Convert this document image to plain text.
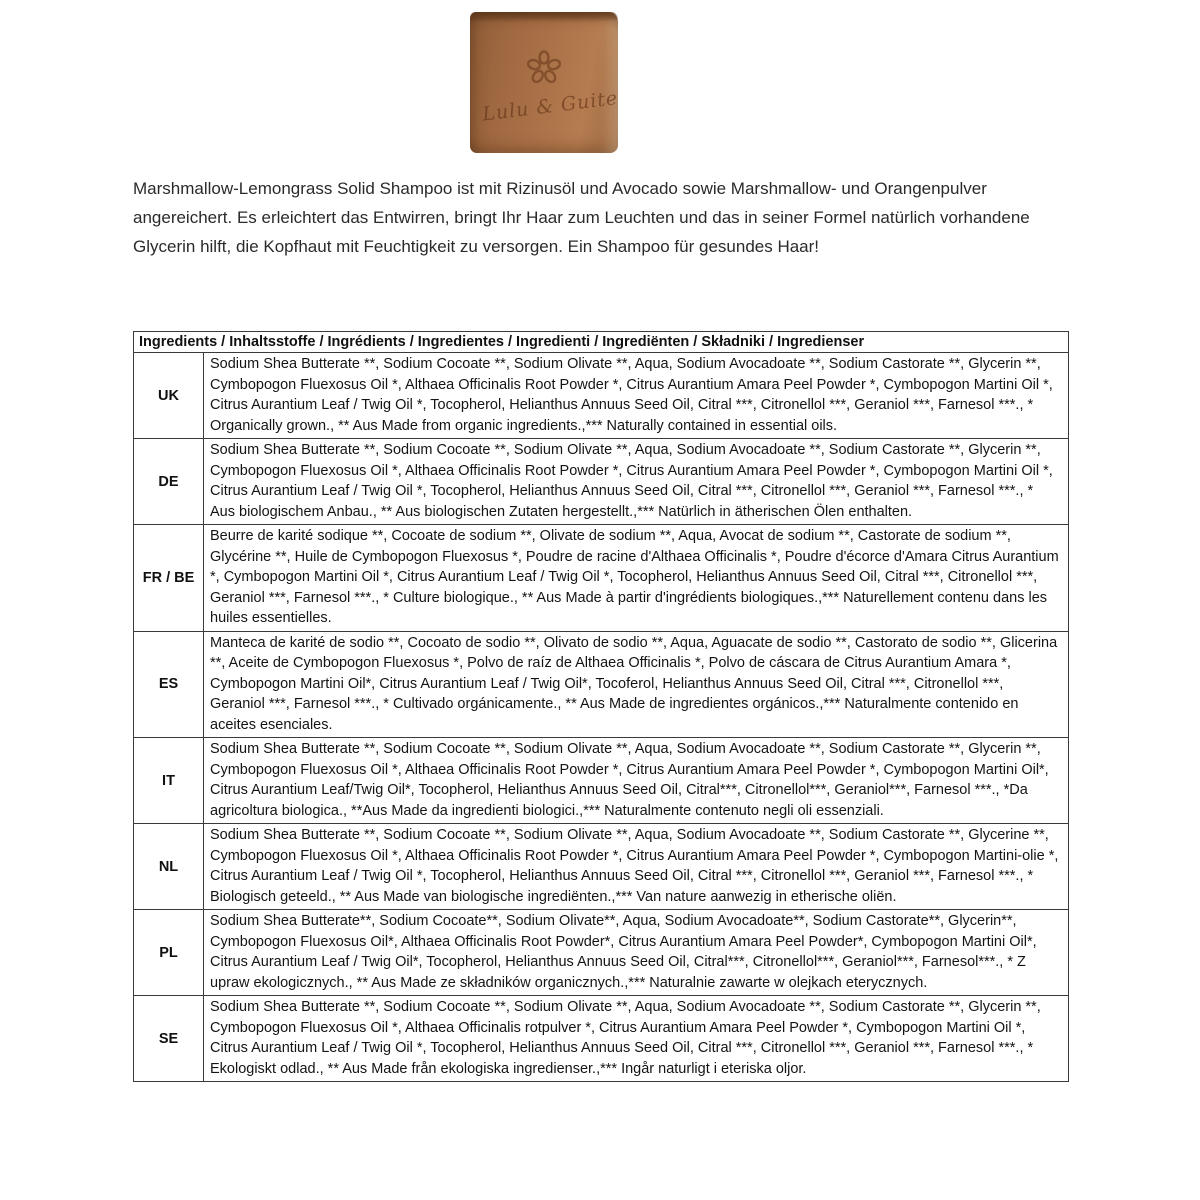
Lulu & Guite

Marshmallow-Lemongrass Solid Shampoo ist mit Rizinusöl und Avocado sowie Marshmallow- und Orangenpulver angereichert. Es erleichtert das Entwirren, bringt Ihr Haar zum Leuchten und das in seiner Formel natürlich vorhandene Glycerin hilft, die Kopfhaut mit Feuchtigkeit zu versorgen. Ein Shampoo für gesundes Haar!

Ingredients / Inhaltsstoffe / Ingrédients / Ingredientes / Ingredienti / Ingrediënten / Składniki / Ingredienser	
UK	Sodium Shea Butterate **, Sodium Cocoate **, Sodium Olivate **, Aqua, Sodium Avocadoate **, Sodium Castorate **, Glycerin **, Cymbopogon Fluexosus Oil *, Althaea Officinalis Root Powder *, Citrus Aurantium Amara Peel Powder *, Cymbopogon Martini Oil *, Citrus Aurantium Leaf / Twig Oil *, Tocopherol, Helianthus Annuus Seed Oil, Citral ***, Citronellol ***, Geraniol ***, Farnesol ***., * Organically grown., ** Aus Made from organic ingredients.,*** Naturally contained in essential oils.
DE	Sodium Shea Butterate **, Sodium Cocoate **, Sodium Olivate **, Aqua, Sodium Avocadoate **, Sodium Castorate **, Glycerin **, Cymbopogon Fluexosus Oil *, Althaea Officinalis Root Powder *, Citrus Aurantium Amara Peel Powder *, Cymbopogon Martini Oil *, Citrus Aurantium Leaf / Twig Oil *, Tocopherol, Helianthus Annuus Seed Oil, Citral ***, Citronellol ***, Geraniol ***, Farnesol ***., * Aus biologischem Anbau., ** Aus biologischen Zutaten hergestellt.,*** Natürlich in ätherischen Ölen enthalten.
FR / BE	Beurre de karité sodique **, Cocoate de sodium **, Olivate de sodium **, Aqua, Avocat de sodium **, Castorate de sodium **, Glycérine **, Huile de Cymbopogon Fluexosus *, Poudre de racine d'Althaea Officinalis *, Poudre d'écorce d'Amara Citrus Aurantium *, Cymbopogon Martini Oil *, Citrus Aurantium Leaf / Twig Oil *, Tocopherol, Helianthus Annuus Seed Oil, Citral ***, Citronellol ***, Geraniol ***, Farnesol ***., * Culture biologique., ** Aus Made à partir d'ingrédients biologiques.,*** Naturellement contenu dans les huiles essentielles.
ES	Manteca de karité de sodio **, Cocoato de sodio **, Olivato de sodio **, Aqua, Aguacate de sodio **, Castorato de sodio **, Glicerina **, Aceite de Cymbopogon Fluexosus *, Polvo de raíz de Althaea Officinalis *, Polvo de cáscara de Citrus Aurantium Amara *, Cymbopogon Martini Oil*, Citrus Aurantium Leaf / Twig Oil*, Tocoferol, Helianthus Annuus Seed Oil, Citral ***, Citronellol ***, Geraniol ***, Farnesol ***., * Cultivado orgánicamente., ** Aus Made de ingredientes orgánicos.,*** Naturalmente contenido en aceites esenciales.
IT	Sodium Shea Butterate **, Sodium Cocoate **, Sodium Olivate **, Aqua, Sodium Avocadoate **, Sodium Castorate **, Glycerin **, Cymbopogon Fluexosus Oil *, Althaea Officinalis Root Powder *, Citrus Aurantium Amara Peel Powder *, Cymbopogon Martini Oil*, Citrus Aurantium Leaf/Twig Oil*, Tocopherol, Helianthus Annuus Seed Oil, Citral***, Citronellol***, Geraniol***, Farnesol ***., *Da agricoltura biologica., **Aus Made da ingredienti biologici.,*** Naturalmente contenuto negli oli essenziali.
NL	Sodium Shea Butterate **, Sodium Cocoate **, Sodium Olivate **, Aqua, Sodium Avocadoate **, Sodium Castorate **, Glycerine **, Cymbopogon Fluexosus Oil *, Althaea Officinalis Root Powder *, Citrus Aurantium Amara Peel Powder *, Cymbopogon Martini-olie *, Citrus Aurantium Leaf / Twig Oil *, Tocopherol, Helianthus Annuus Seed Oil, Citral ***, Citronellol ***, Geraniol ***, Farnesol ***., * Biologisch geteeld., ** Aus Made van biologische ingrediënten.,*** Van nature aanwezig in etherische oliën.
PL	Sodium Shea Butterate**, Sodium Cocoate**, Sodium Olivate**, Aqua, Sodium Avocadoate**, Sodium Castorate**, Glycerin**, Cymbopogon Fluexosus Oil*, Althaea Officinalis Root Powder*, Citrus Aurantium Amara Peel Powder*, Cymbopogon Martini Oil*, Citrus Aurantium Leaf / Twig Oil*, Tocopherol, Helianthus Annuus Seed Oil, Citral***, Citronellol***, Geraniol***, Farnesol***., * Z upraw ekologicznych., ** Aus Made ze składników organicznych.,*** Naturalnie zawarte w olejkach eterycznych.
SE	Sodium Shea Butterate **, Sodium Cocoate **, Sodium Olivate **, Aqua, Sodium Avocadoate **, Sodium Castorate **, Glycerin **, Cymbopogon Fluexosus Oil *, Althaea Officinalis rotpulver *, Citrus Aurantium Amara Peel Powder *, Cymbopogon Martini Oil *, Citrus Aurantium Leaf / Twig Oil *, Tocopherol, Helianthus Annuus Seed Oil, Citral ***, Citronellol ***, Geraniol ***, Farnesol ***., * Ekologiskt odlad., ** Aus Made från ekologiska ingredienser.,*** Ingår naturligt i eteriska oljor.
